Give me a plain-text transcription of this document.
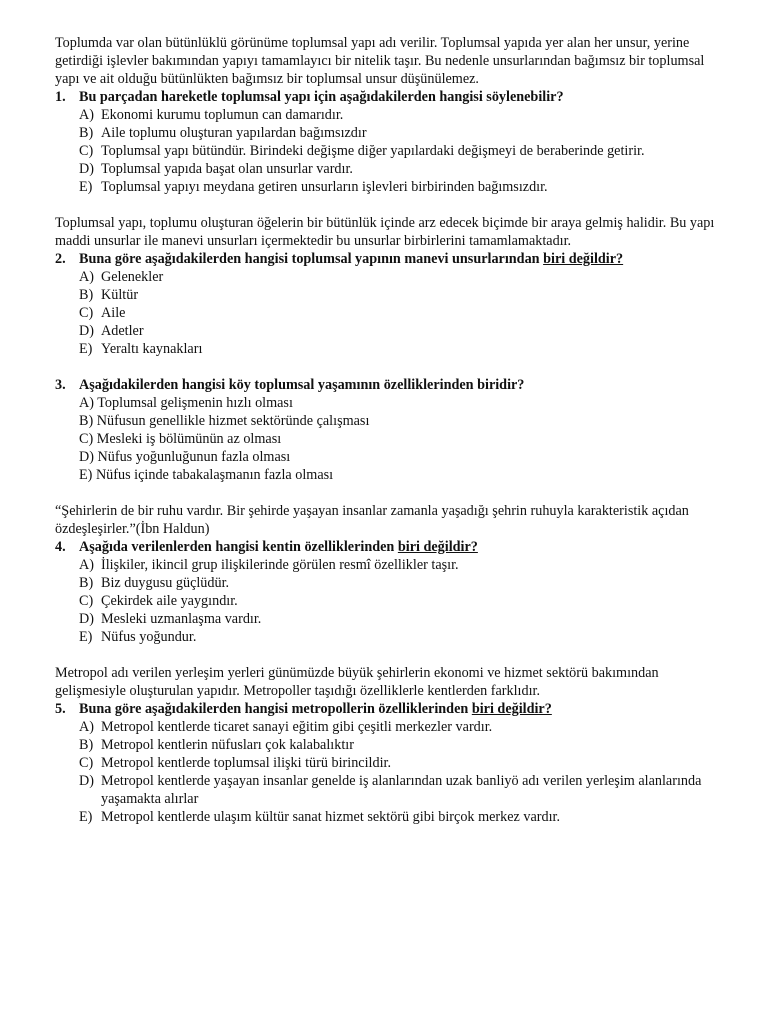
Toplumda var olan bütünlüklü görünüme toplumsal yapı adı verilir. Toplumsal yapıda yer alan her unsur, yerine getirdiği işlevler bakımından yapıyı tamamlayıcı bir nitelik taşır. Bu nedenle unsurlarından bağımsız bir toplumsal yapı ve ait olduğu bütünlükten bağımsız bir toplumsal unsur düşünülemez.

1. Bu parçadan hareketle toplumsal yapı için aşağıdakilerden hangisi söylenebilir?

A) Ekonomi kurumu toplumun can damarıdır.
B) Aile toplumu oluşturan yapılardan bağımsızdır
C) Toplumsal yapı bütündür. Birindeki değişme diğer yapılardaki değişmeyi de beraberinde getirir.
D) Toplumsal yapıda başat olan unsurlar vardır.
E) Toplumsal yapıyı meydana getiren unsurların işlevleri birbirinden bağımsızdır.

Toplumsal yapı, toplumu oluşturan öğelerin bir bütünlük içinde arz edecek biçimde bir araya gelmiş halidir. Bu yapı maddi unsurlar ile manevi unsurları içermektedir bu unsurlar birbirlerini tamamlamaktadır.

2. Buna göre aşağıdakilerden hangisi toplumsal yapının manevi unsurlarından biri değildir?

A) Gelenekler
B) Kültür
C) Aile
D) Adetler
E) Yeraltı kaynakları

3. Aşağıdakilerden hangisi köy toplumsal yaşamının özelliklerinden biridir?

A) Toplumsal gelişmenin hızlı olması
B) Nüfusun genellikle hizmet sektöründe çalışması
C) Mesleki iş bölümünün az olması
D) Nüfus yoğunluğunun fazla olması
E) Nüfus içinde tabakalaşmanın fazla olması

“Şehirlerin de bir ruhu vardır. Bir şehirde yaşayan insanlar zamanla yaşadığı şehrin ruhuyla karakteristik açıdan özdeşleşirler.”(İbn Haldun)

4. Aşağıda verilenlerden hangisi kentin özelliklerinden biri değildir?

A) İlişkiler, ikincil grup ilişkilerinde görülen resmî özellikler taşır.
B) Biz duygusu güçlüdür.
C) Çekirdek aile yaygındır.
D) Mesleki uzmanlaşma vardır.
E) Nüfus yoğundur.

Metropol adı verilen yerleşim yerleri günümüzde büyük şehirlerin ekonomi ve hizmet sektörü bakımından gelişmesiyle oluşturulan yapıdır. Metropoller taşıdığı özelliklerle kentlerden farklıdır.

5. Buna göre aşağıdakilerden hangisi metropollerin özelliklerinden biri değildir?

A) Metropol kentlerde ticaret sanayi eğitim gibi çeşitli merkezler vardır.
B) Metropol kentlerin nüfusları çok kalabalıktır
C) Metropol kentlerde toplumsal ilişki türü birincildir.
D) Metropol kentlerde yaşayan insanlar genelde iş alanlarından uzak banliyö adı verilen yerleşim alanlarında yaşamakta alırlar
E) Metropol kentlerde ulaşım kültür sanat hizmet sektörü gibi birçok merkez vardır.
